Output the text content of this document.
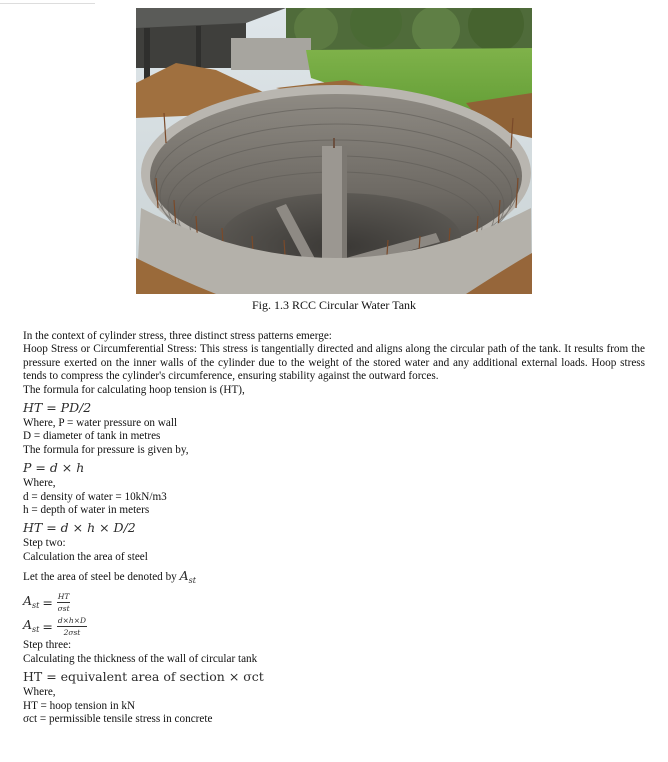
Fig. 1.3 RCC Circular Water Tank

In the context of cylinder stress, three distinct stress patterns emerge:

Hoop Stress or Circumferential Stress: This stress is tangentially directed and aligns along the circular path of the tank. It results from the pressure exerted on the inner walls of the cylinder due to the weight of the stored water and any additional external loads. Hoop stress tends to compress the cylinder's circumference, ensuring stability against the outward forces.

The formula for calculating hoop tension is (HT),

HT = PD/2

Where, P = water pressure on wall

D = diameter of tank in metres

The formula for pressure is given by,

P = d × h

Where,

d = density of water = 10kN/m3

h = depth of water in meters

HT = d × h × D/2

Step two:

Calculation the area of steel

Let the area of steel be denoted by $A_{st}$

$A_{st} = \frac{HT}{\text{σst}}$
$A_{st} = \frac{d\times h\times D}{\text{2σst}}$

Step three:

Calculating the thickness of the wall of circular tank

HT = equivalent area of section × σct

Where,

HT = hoop tension in kN

σct = permissible tensile stress in concrete
